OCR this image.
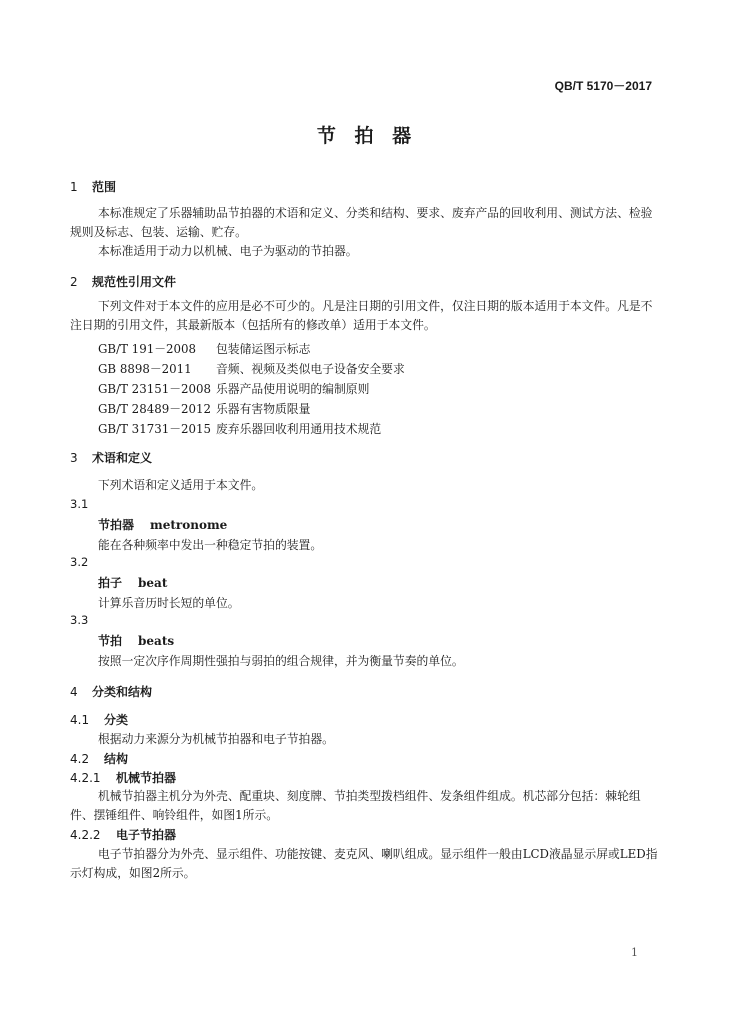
QB/T 5170－2017
节 拍 器
1 范围
本标准规定了乐器辅助品节拍器的术语和定义、分类和结构、要求、废弃产品的回收利用、测试方法、检验规则及标志、包装、运输、贮存。
本标准适用于动力以机械、电子为驱动的节拍器。
2 规范性引用文件
下列文件对于本文件的应用是必不可少的。凡是注日期的引用文件，仅注日期的版本适用于本文件。凡是不注日期的引用文件，其最新版本（包括所有的修改单）适用于本文件。
GB/T 191－2008 包装储运图示标志
GB 8898－2011 音频、视频及类似电子设备安全要求
GB/T 23151－2008 乐器产品使用说明的编制原则
GB/T 28489－2012 乐器有害物质限量
GB/T 31731－2015 废弃乐器回收利用通用技术规范
3 术语和定义
下列术语和定义适用于本文件。
3.1
节拍器 metronome
能在各种频率中发出一种稳定节拍的装置。
3.2
拍子 beat
计算乐音历时长短的单位。
3.3
节拍 beats
按照一定次序作周期性强拍与弱拍的组合规律，并为衡量节奏的单位。
4 分类和结构
4.1 分类
根据动力来源分为机械节拍器和电子节拍器。
4.2 结构
4.2.1 机械节拍器
机械节拍器主机分为外壳、配重块、刻度牌、节拍类型拨档组件、发条组件组成。机芯部分包括：棘轮组件、摆锤组件、响铃组件，如图1所示。
4.2.2 电子节拍器
电子节拍器分为外壳、显示组件、功能按键、麦克风、喇叭组成。显示组件一般由LCD液晶显示屏或LED指示灯构成，如图2所示。
1
